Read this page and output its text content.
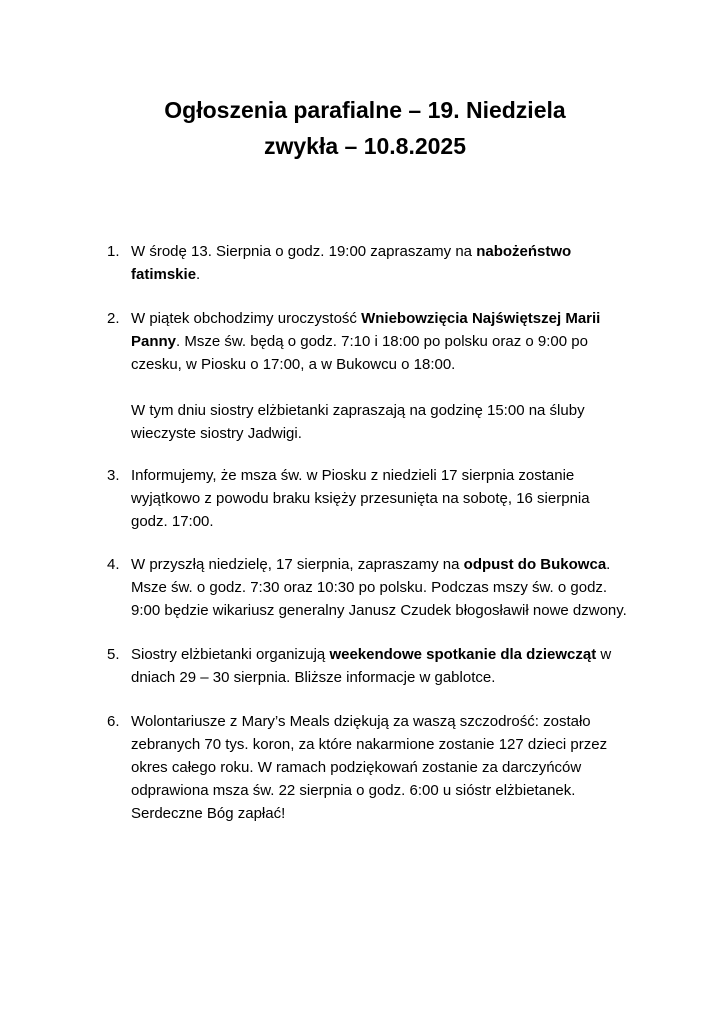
Ogłoszenia parafialne – 19. Niedziela
zwykła – 10.8.2025
1. W środę 13. Sierpnia o godz. 19:00 zapraszamy na nabożeństwo fatimskie.

2. W piątek obchodzimy uroczystość Wniebowzięcia Najświętszej Marii Panny. Msze św. będą o godz. 7:10 i 18:00 po polsku oraz o 9:00 po czesku, w Piosku o 17:00, a w Bukowcu o 18:00.

W tym dniu siostry elżbietanki zapraszają na godzinę 15:00 na śluby wieczyste siostry Jadwigi.

3. Informujemy, że msza św. w Piosku z niedzieli 17 sierpnia zostanie wyjątkowo z powodu braku księży przesunięta na sobotę, 16 sierpnia godz. 17:00.

4. W przyszłą niedzielę, 17 sierpnia, zapraszamy na odpust do Bukowca. Msze św. o godz. 7:30 oraz 10:30 po polsku. Podczas mszy św. o godz. 9:00 będzie wikariusz generalny Janusz Czudek błogosławił nowe dzwony.

5. Siostry elżbietanki organizują weekendowe spotkanie dla dziewcząt w dniach 29 – 30 sierpnia. Bliższe informacje w gablotce.

6. Wolontariusze z Mary’s Meals dziękują za waszą szczodrość: zostało zebranych 70 tys. koron, za które nakarmione zostanie 127 dzieci przez okres całego roku. W ramach podziękowań zostanie za darczyńców odprawiona msza św. 22 sierpnia o godz. 6:00 u sióstr elżbietanek. Serdeczne Bóg zapłać!
